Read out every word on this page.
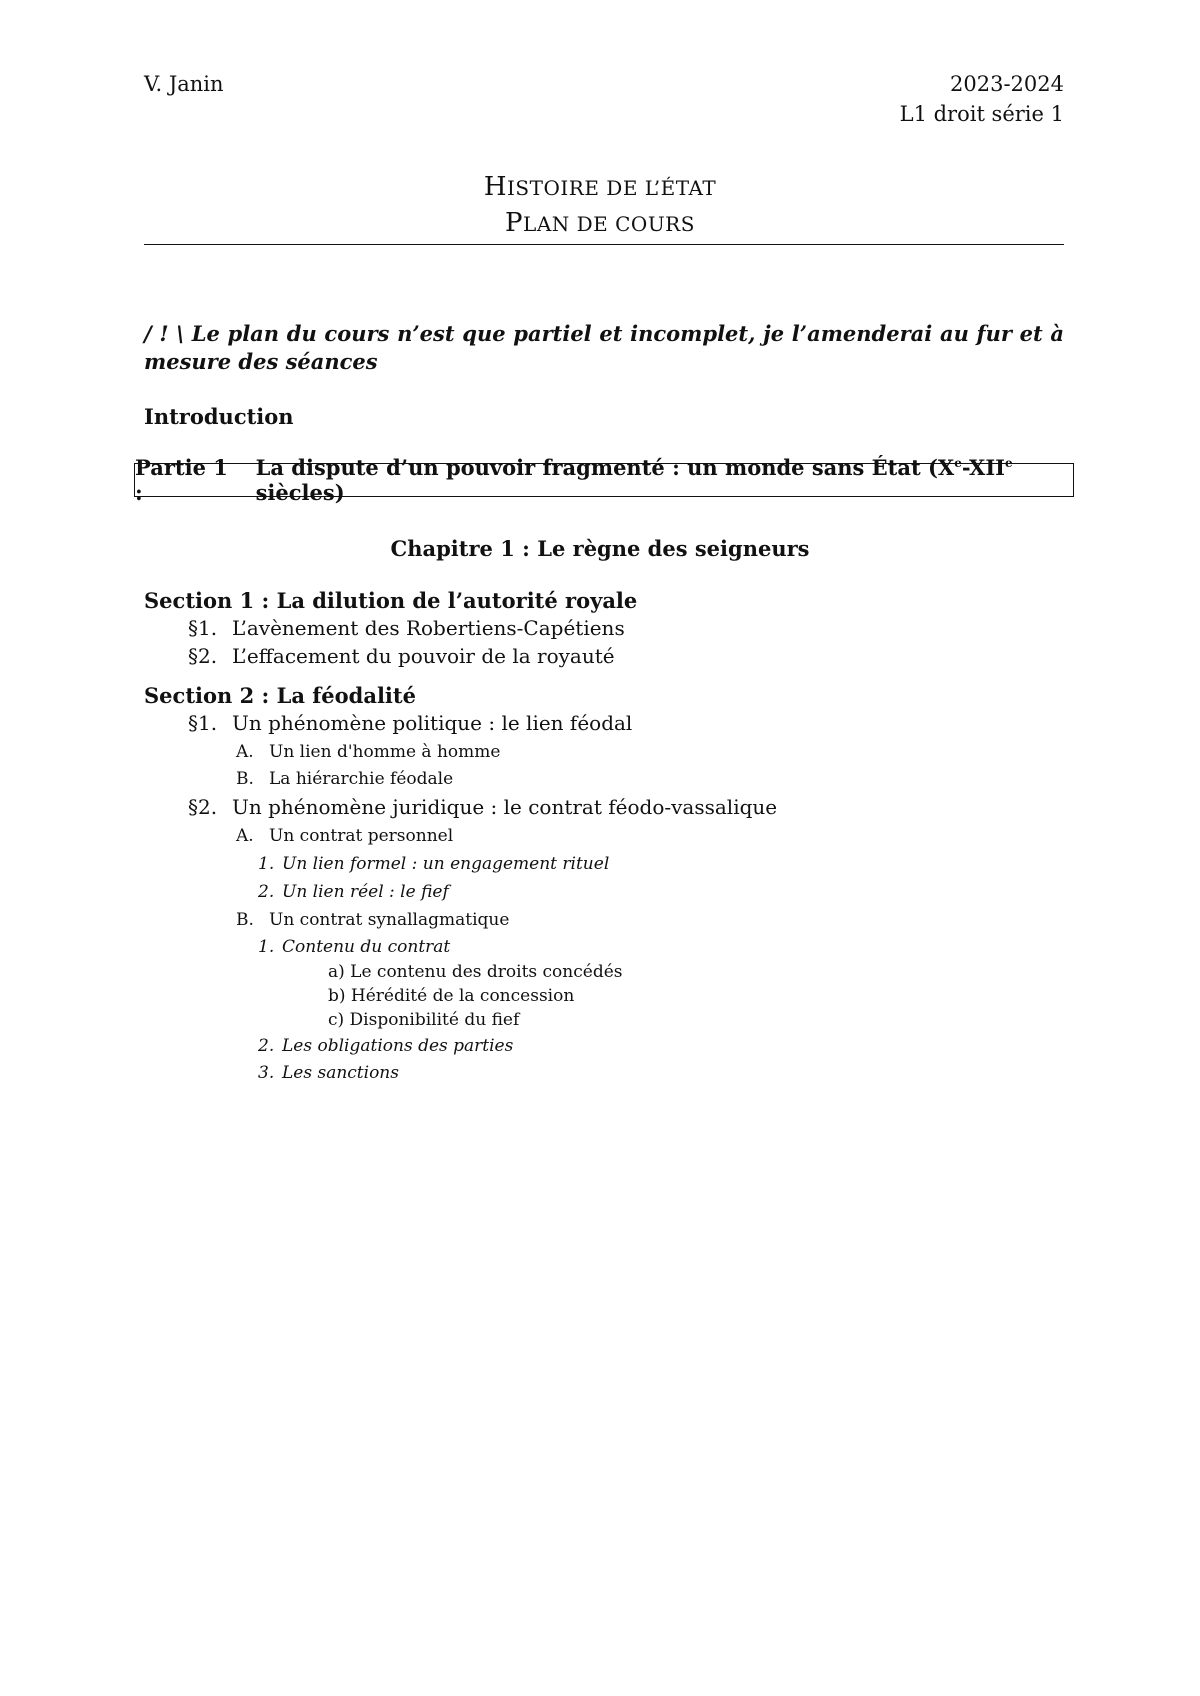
V. Janin	2023-2024
L1 droit série 1
HISTOIRE DE L’ÉTAT
PLAN DE COURS
/ ! \ Le plan du cours n’est que partiel et incomplet, je l’amenderai au fur et à mesure des séances
Introduction
Partie 1 :
La dispute d’un pouvoir fragmenté : un monde sans État (Xe-XIIe siècles)
Chapitre 1 : Le règne des seigneurs
Section 1 : La dilution de l’autorité royale
§1. L’avènement des Robertiens-Capétiens
§2. L’effacement du pouvoir de la royauté
Section 2 : La féodalité
§1. Un phénomène politique : le lien féodal
A. Un lien d'homme à homme
B. La hiérarchie féodale
§2. Un phénomène juridique : le contrat féodo-vassalique
A. Un contrat personnel
1. Un lien formel : un engagement rituel
2. Un lien réel : le fief
B. Un contrat synallagmatique
1. Contenu du contrat
a) Le contenu des droits concédés
b) Hérédité de la concession
c) Disponibilité du fief
2. Les obligations des parties
3. Les sanctions
